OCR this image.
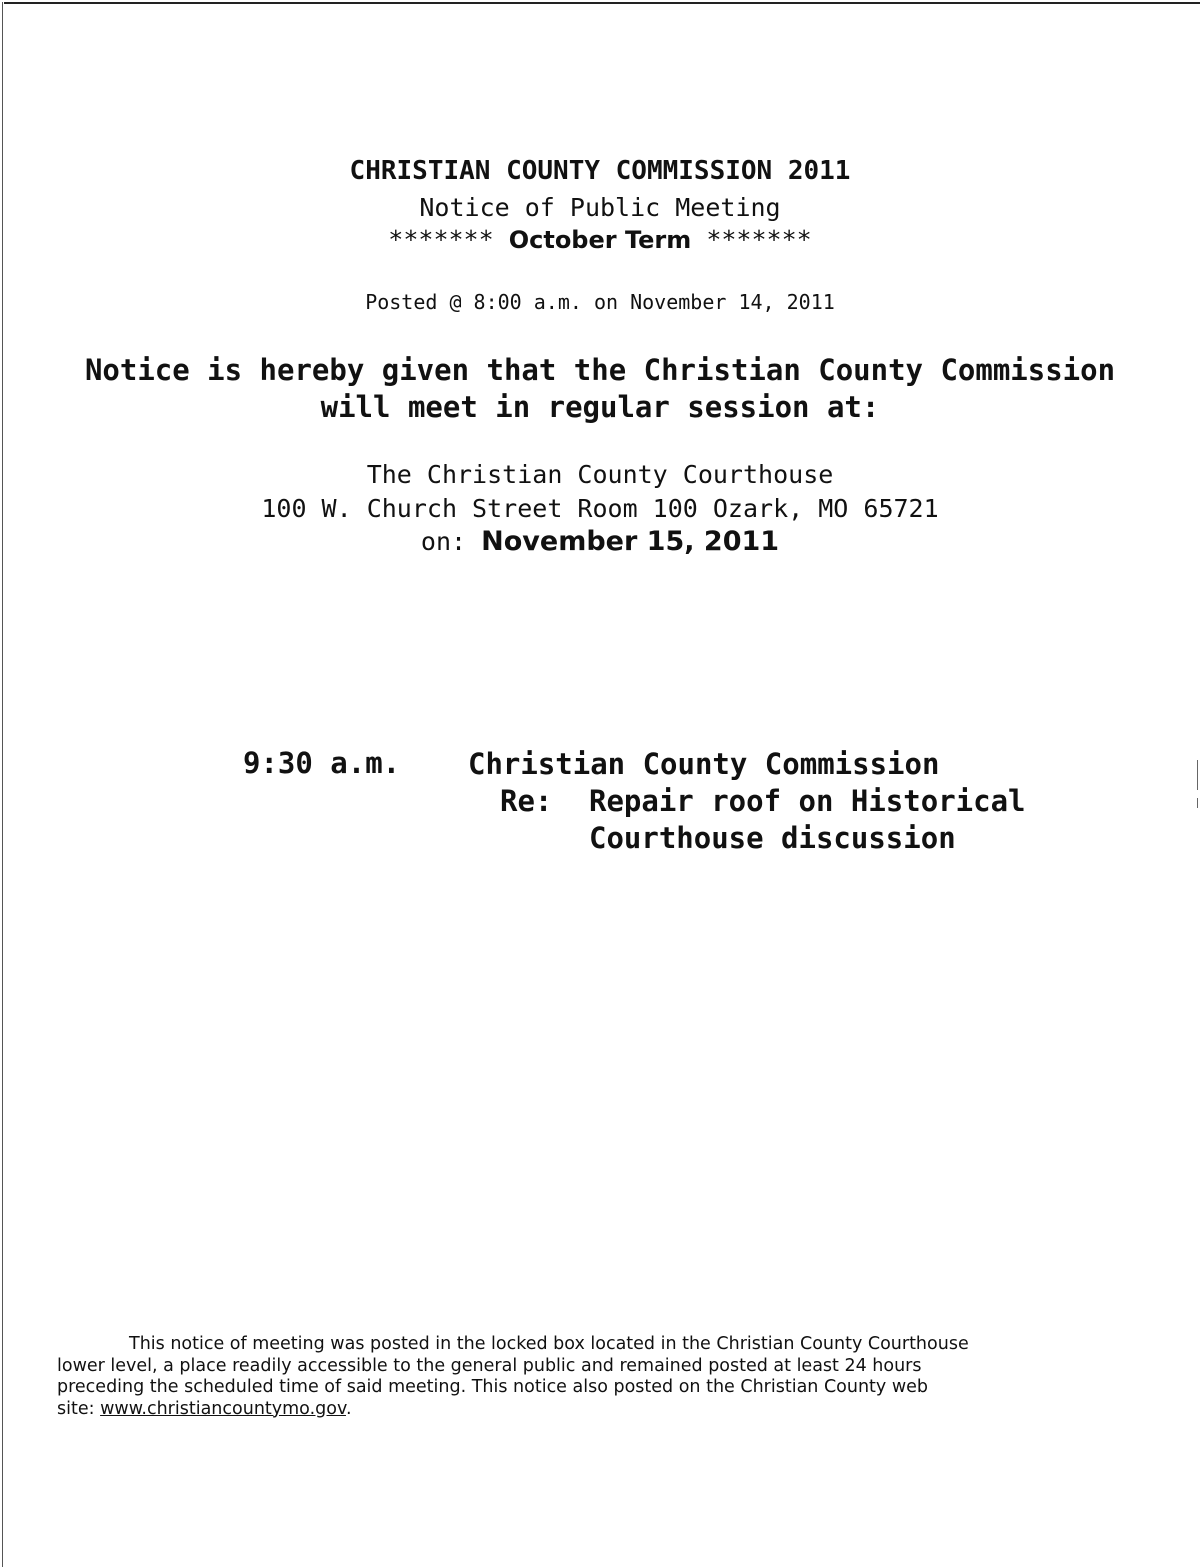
CHRISTIAN COUNTY COMMISSION 2011
Notice of Public Meeting
******* October Term *******
Posted @ 8:00 a.m. on November 14, 2011
Notice is hereby given that the Christian County Commission
will meet in regular session at:
The Christian County Courthouse
100 W. Church Street Room 100 Ozark, MO 65721
on: November 15, 2011
9:30 a.m. Christian County Commission
Re: Repair roof on Historical
Courthouse discussion
This notice of meeting was posted in the locked box located in the Christian County Courthouse
lower level, a place readily accessible to the general public and remained posted at least 24 hours
preceding the scheduled time of said meeting. This notice also posted on the Christian County web
site: www.christiancountymo.gov.
